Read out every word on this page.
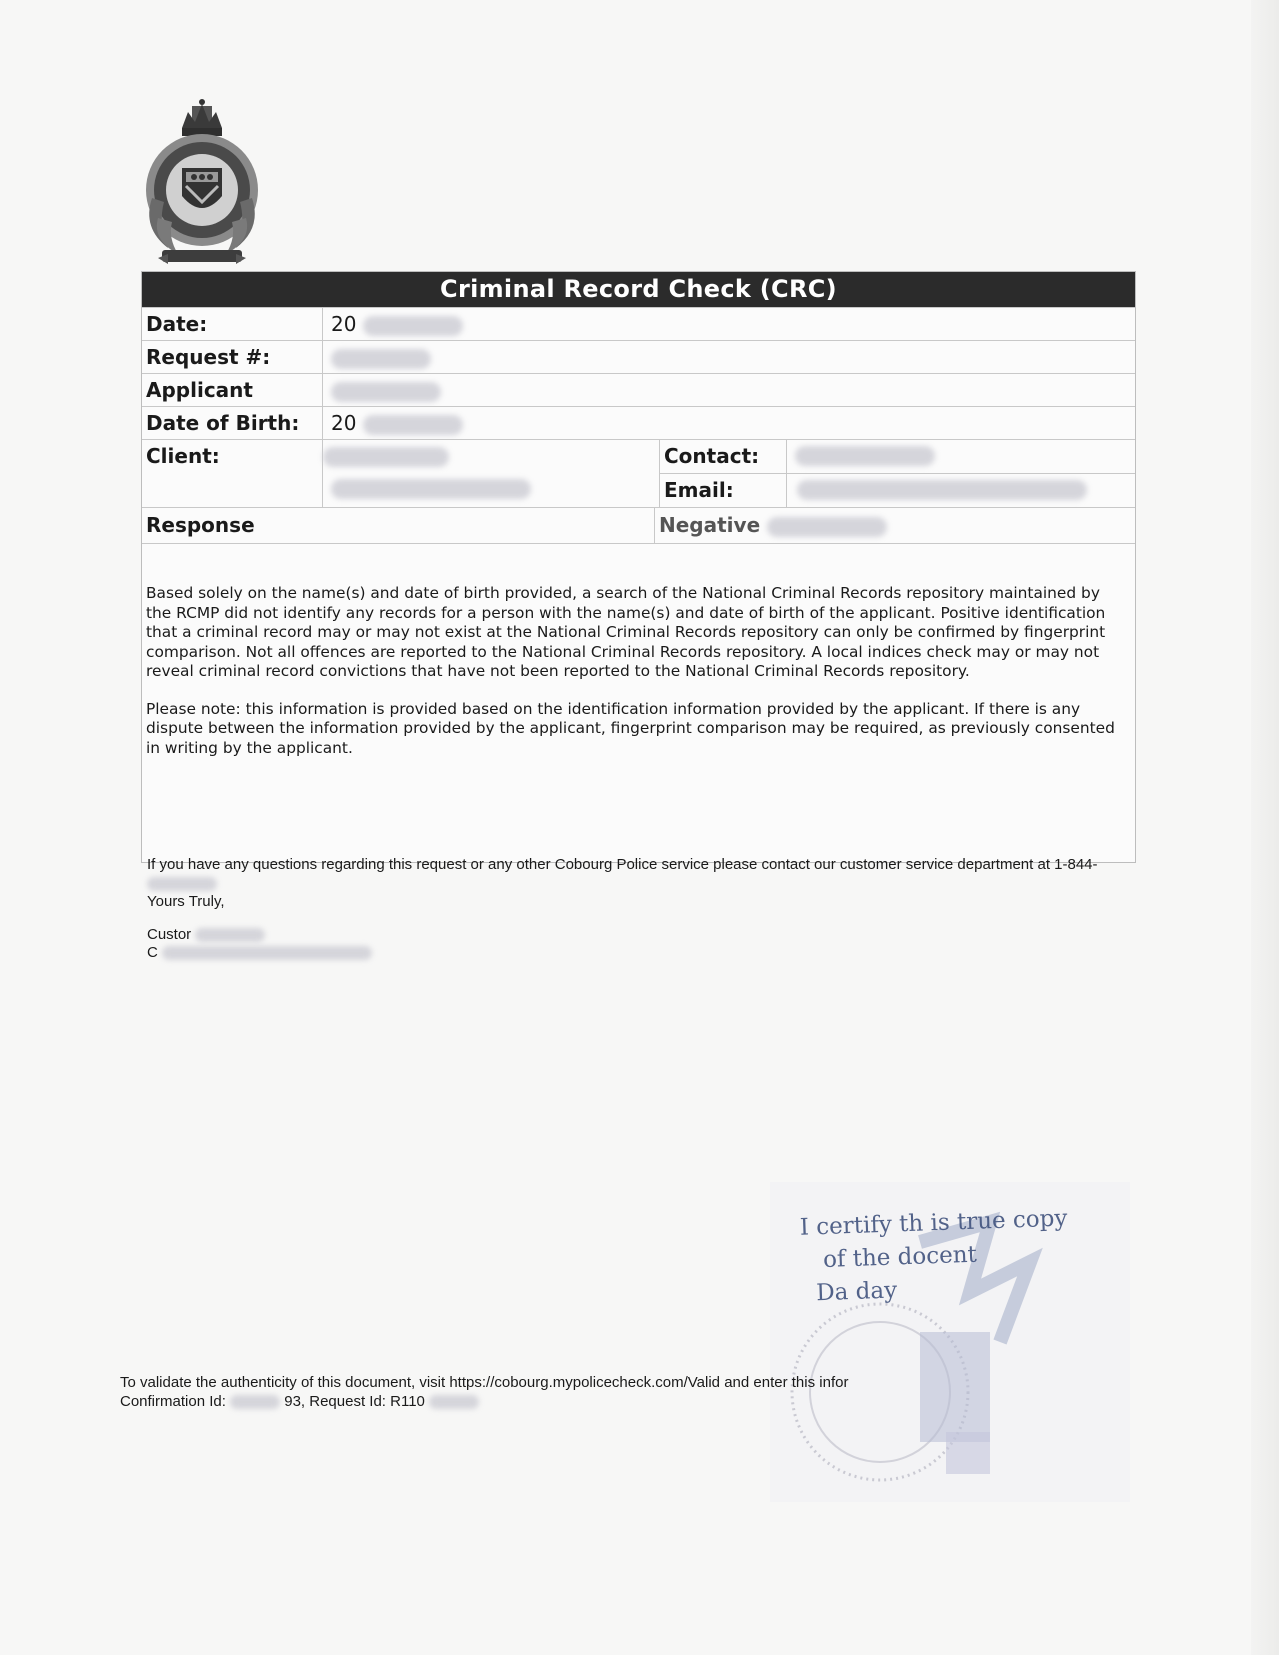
Criminal Record Check (CRC)
Date:	20
Request #:
Applicant
Date of Birth:	20
Client:	Contact:
Email:
Response	Negative

Based solely on the name(s) and date of birth provided, a search of the National Criminal Records repository maintained by the RCMP did not identify any records for a person with the name(s) and date of birth of the applicant. Positive identification that a criminal record may or may not exist at the National Criminal Records repository can only be confirmed by fingerprint comparison. Not all offences are reported to the National Criminal Records repository. A local indices check may or may not reveal criminal record convictions that have not been reported to the National Criminal Records repository.

Please note: this information is provided based on the identification information provided by the applicant. If there is any dispute between the information provided by the applicant, fingerprint comparison may be required, as previously consented in writing by the applicant.

If you have any questions regarding this request or any other Cobourg Police service please contact our customer service department at 1-844-

Yours Truly,

Custor
C

I certify th is true copy

of the docent

Da day

To validate the authenticity of this document, visit https://cobourg.mypolicecheck.com/Valid and enter this infor

Confirmation Id:	93, Request Id: R110
